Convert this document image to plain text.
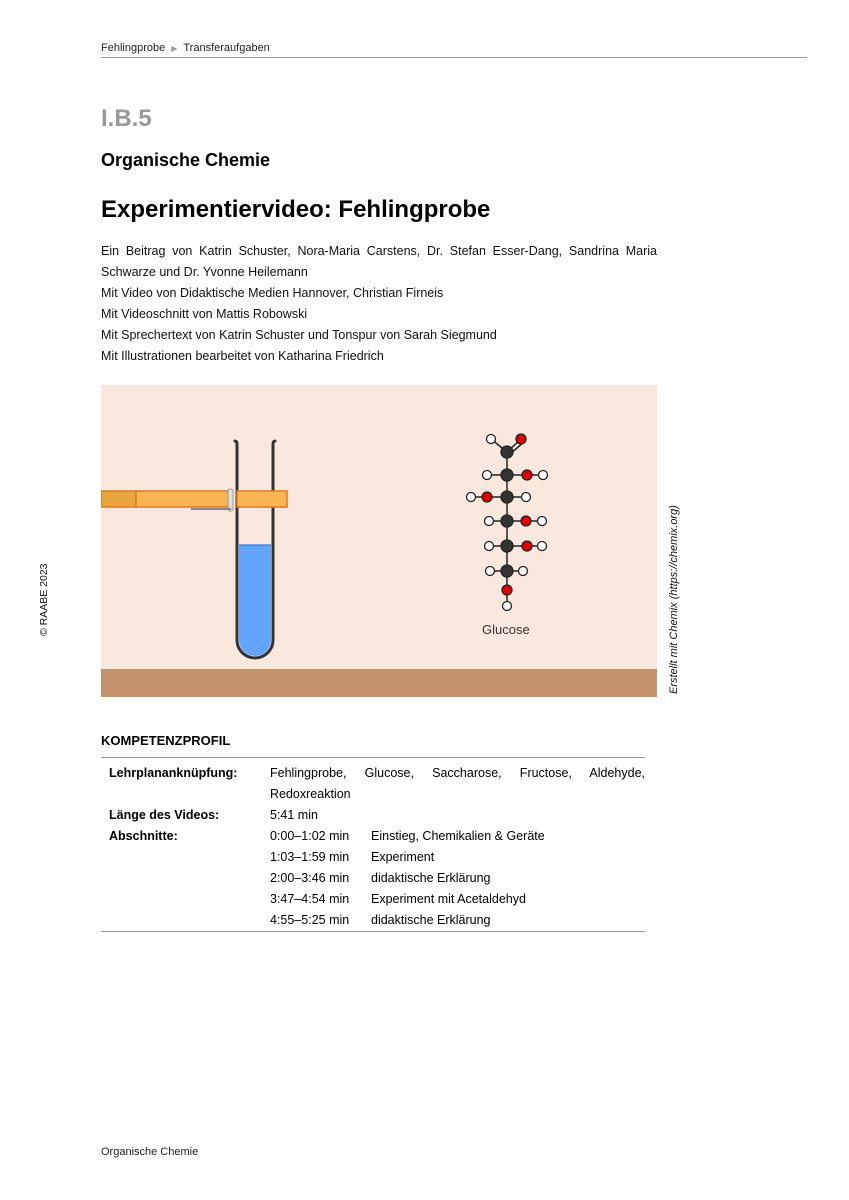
Fehlingprobe ▶ Transferaufgaben
I.B.5
Organische Chemie
Experimentiervideo: Fehlingprobe

Ein Beitrag von Katrin Schuster, Nora-Maria Carstens, Dr. Stefan Esser-Dang, Sandrina Maria Schwarze und Dr. Yvonne Heilemann

Mit Video von Didaktische Medien Hannover, Christian Firneis

Mit Videoschnitt von Mattis Robowski

Mit Sprechertext von Katrin Schuster und Tonspur von Sarah Siegmund

Mit Illustrationen bearbeitet von Katharina Friedrich

Glucose	Erstellt mit Chemix (https://chemix.org)
© RAABE 2023
KOMPETENZPROFIL
Lehrplananknüpfung:	Fehlingprobe, Glucose, Saccharose, Fructose, Aldehyde, Redoxreaktion
Länge des Videos:	5:41 min
Abschnitte:	0:00–1:02 min	Einstieg, Chemikalien & Geräte
1:03–1:59 min	Experiment
2:00–3:46 min	didaktische Erklärung
3:47–4:54 min	Experiment mit Acetaldehyd
4:55–5:25 min	didaktische Erklärung
Organische Chemie
